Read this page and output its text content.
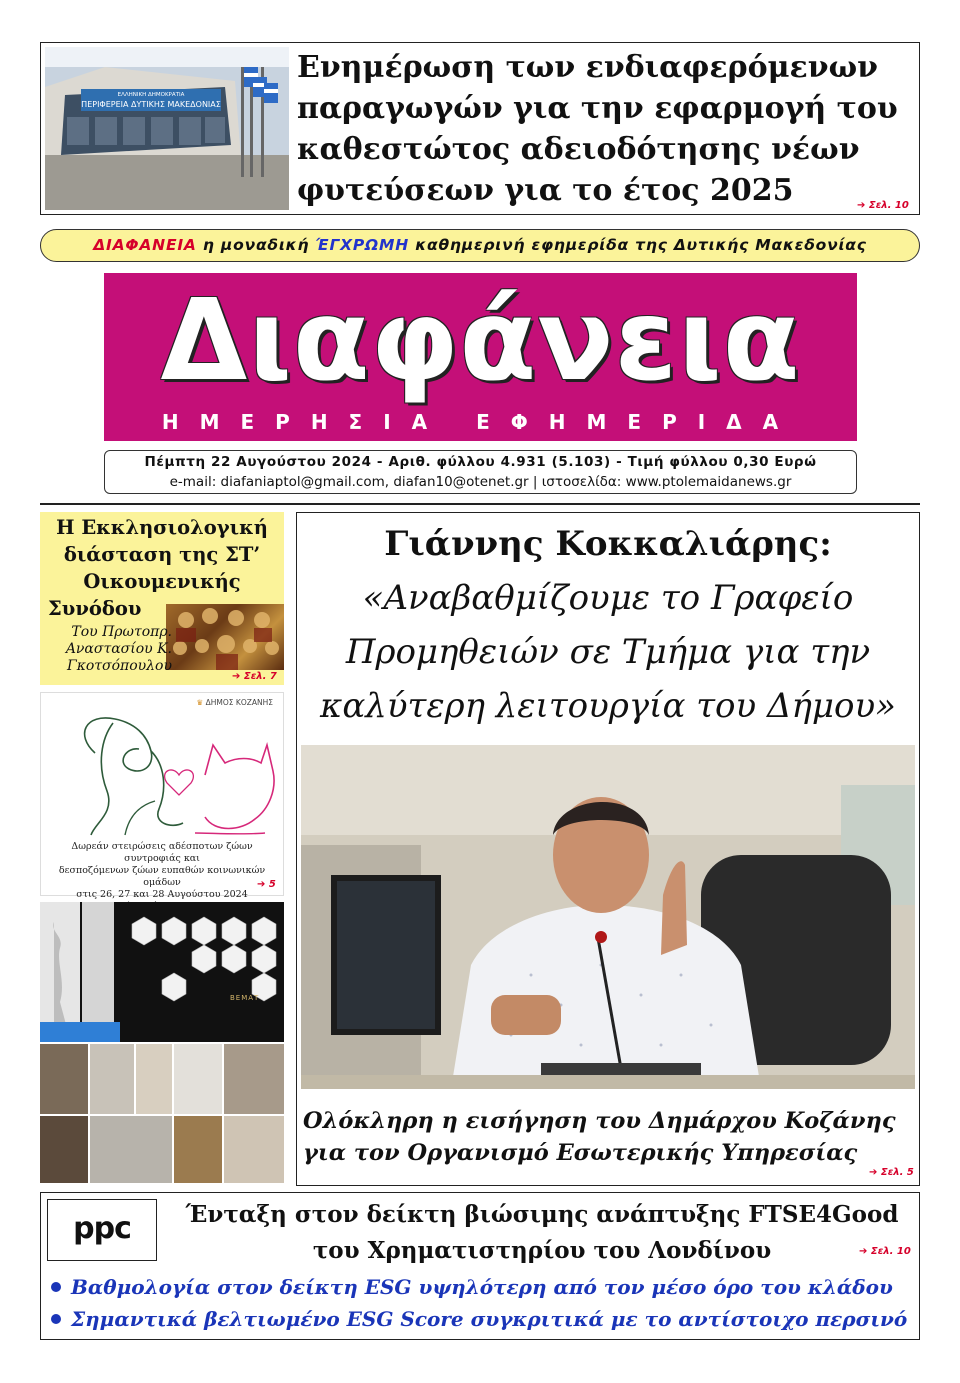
ΕΛΛΗΝΙΚΗ ΔΗΜΟΚΡΑΤΙΑ
ΠΕΡΙΦΕΡΕΙΑ ΔΥΤΙΚΗΣ ΜΑΚΕΔΟΝΙΑΣ
Ενημέρωση των ενδιαφερόμενων παραγωγών για την εφαρμογή του καθεστώτος αδειοδότησης νέων φυτεύσεων για το έτος 2025	➔ Σελ. 10
ΔΙΑΦΑΝΕΙΑ η μοναδική ΈΓΧΡΩΜΗ καθημερινή εφημερίδα της Δυτικής Μακεδονίας
Διαφάνεια
ΗΜΕΡΗΣΙΑ ΕΦΗΜΕΡΙΔΑ
Πέμπτη 22 Αυγούστου 2024 - Αριθ. φύλλου 4.931 (5.103) - Τιμή φύλλου 0,30 Ευρώ
e-mail: diafaniaptol@gmail.com, diafan10@otenet.gr | ιστοσελίδα: www.ptolemaidanews.gr
Η Εκκλησιολογική
διάσταση της ΣΤ’
Οικουμενικής
Συνόδου
Του Πρωτοπρ.
Αναστασίου Κ.
Γκοτσόπουλου
➔ Σελ. 7
♛ ΔΗΜΟΣ ΚΟΖΑΝΗΣ
Δωρεάν στειρώσεις αδέσποτων ζώων συντροφιάς και
δεσποζόμενων ζώων ευπαθών κοινωνικών ομάδων
στις 26, 27 και 28 Αυγούστου 2024
➔ 5
ΒΕΜΑΤ
Γιάννης Κοκκαλιάρης:
«Αναβαθμίζουμε το Γραφείο
Προμηθειών σε Τμήμα για την
καλύτερη λειτουργία του Δήμου»
Ολόκληρη η εισήγηση του Δημάρχου Κοζάνης
για τον Οργανισμό Εσωτερικής Υπηρεσίας
➔ Σελ. 5
ppc	Ένταξη στον δείκτη βιώσιμης ανάπτυξης FTSE4Good
του Χρηματιστηρίου του Λονδίνου	➔ Σελ. 10
Βαθμολογία στον δείκτη ESG υψηλότερη από τον μέσο όρο του κλάδου
Σημαντικά βελτιωμένο ESG Score συγκριτικά με το αντίστοιχο περσινό
